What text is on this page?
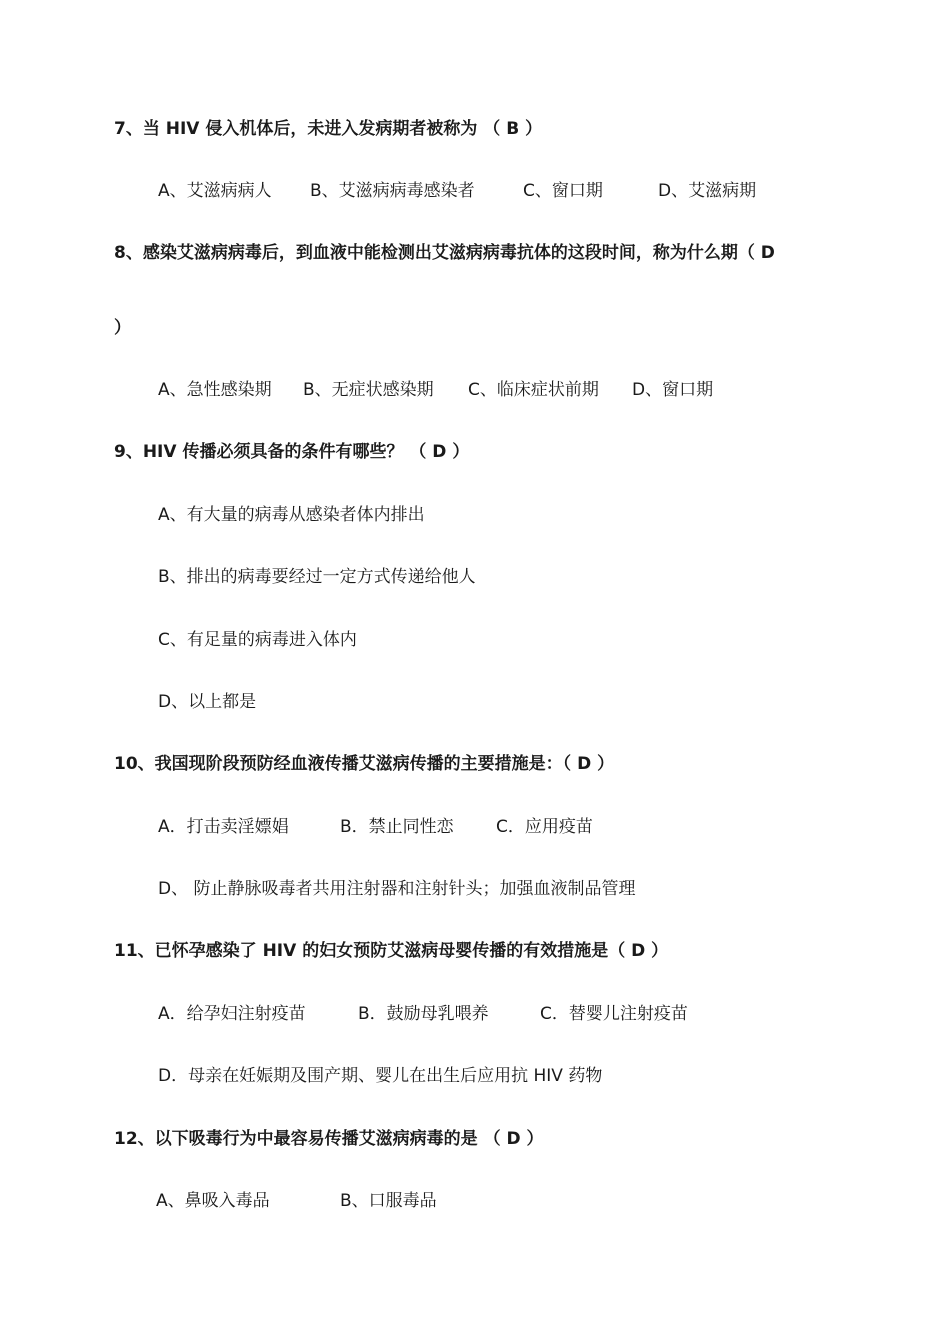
7、当 HIV 侵入机体后，未进入发病期者被称为 （ B ）
A、艾滋病病人 B、艾滋病病毒感染者	C、窗口期	D、艾滋病期
8、感染艾滋病病毒后，到血液中能检测出艾滋病病毒抗体的这段时间，称为什么期（ D
）
A、急性感染期 B、无症状感染期 C、临床症状前期 D、窗口期
9、HIV 传播必须具备的条件有哪些？ （ D ）
A、有大量的病毒从感染者体内排出
B、排出的病毒要经过一定方式传递给他人
C、有足量的病毒进入体内
D、以上都是
10、我国现阶段预防经血液传播艾滋病传播的主要措施是：（ D ）
A．打击卖淫嫖娼	B．禁止同性恋 C．应用疫苗
D、 防止静脉吸毒者共用注射器和注射针头；加强血液制品管理
11、已怀孕感染了 HIV 的妇女预防艾滋病母婴传播的有效措施是（ D ）
A．给孕妇注射疫苗	B．鼓励母乳喂养	C．替婴儿注射疫苗
D．母亲在妊娠期及围产期、婴儿在出生后应用抗 HIV 药物
12、以下吸毒行为中最容易传播艾滋病病毒的是 （ D ）
A、鼻吸入毒品	B、口服毒品
